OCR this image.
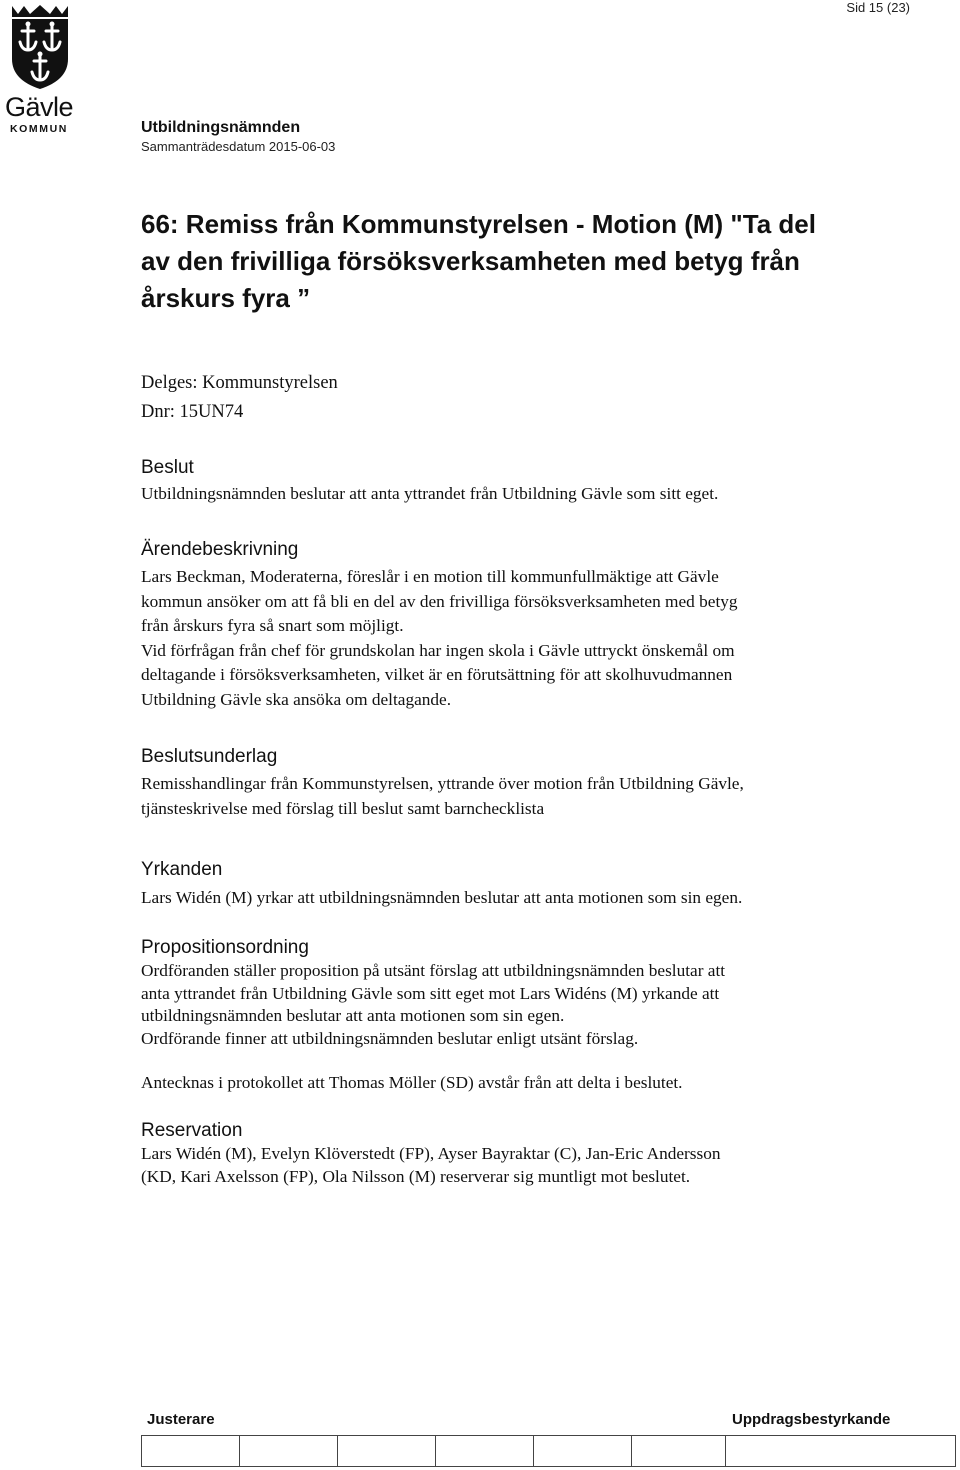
Sid 15 (23)
Gävle
KOMMUN	Utbildningsnämnden
Sammanträdesdatum 2015-06-03
66: Remiss från Kommunstyrelsen - Motion (M) "Ta del
av den frivilliga försöksverksamheten med betyg från
årskurs fyra ”
Delges: Kommunstyrelsen
Dnr: 15UN74
Beslut
Utbildningsnämnden beslutar att anta yttrandet från Utbildning Gävle som sitt eget.
Ärendebeskrivning
Lars Beckman, Moderaterna, föreslår i en motion till kommunfullmäktige att Gävle
kommun ansöker om att få bli en del av den frivilliga försöksverksamheten med betyg
från årskurs fyra så snart som möjligt.
Vid förfrågan från chef för grundskolan har ingen skola i Gävle uttryckt önskemål om
deltagande i försöksverksamheten, vilket är en förutsättning för att skolhuvudmannen
Utbildning Gävle ska ansöka om deltagande.
Beslutsunderlag
Remisshandlingar från Kommunstyrelsen, yttrande över motion från Utbildning Gävle,
tjänsteskrivelse med förslag till beslut samt barnchecklista
Yrkanden
Lars Widén (M) yrkar att utbildningsnämnden beslutar att anta motionen som sin egen.
Propositionsordning
Ordföranden ställer proposition på utsänt förslag att utbildningsnämnden beslutar att
anta yttrandet från Utbildning Gävle som sitt eget mot Lars Widéns (M) yrkande att
utbildningsnämnden beslutar att anta motionen som sin egen.
Ordförande finner att utbildningsnämnden beslutar enligt utsänt förslag.
Antecknas i protokollet att Thomas Möller (SD) avstår från att delta i beslutet.
Reservation
Lars Widén (M), Evelyn Klöverstedt (FP), Ayser Bayraktar (C), Jan-Eric Andersson
(KD, Kari Axelsson (FP), Ola Nilsson (M) reserverar sig muntligt mot beslutet.
Justerare	Uppdragsbestyrkande
